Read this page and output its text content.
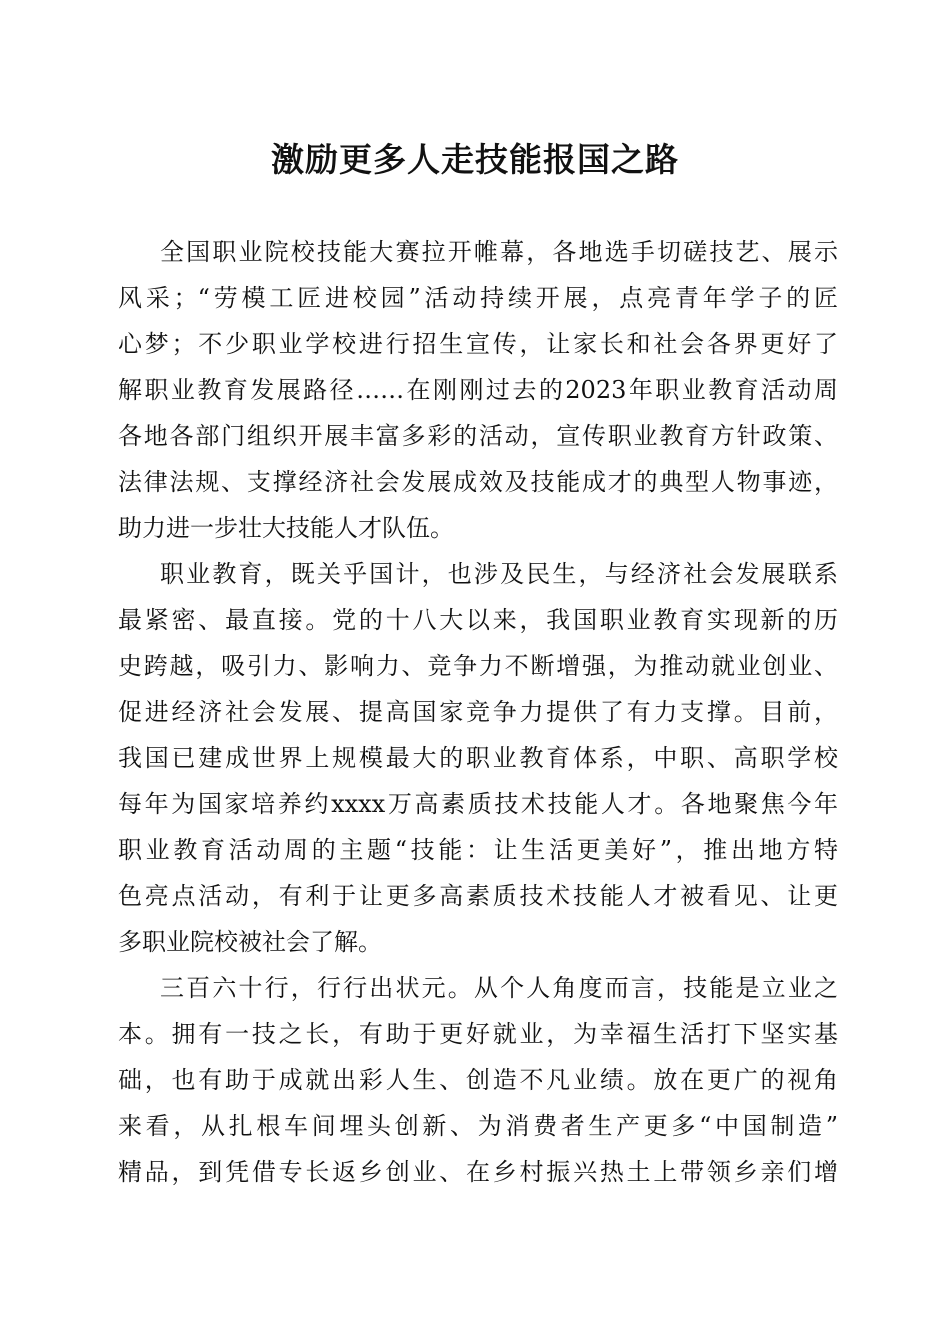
激励更多人走技能报国之路

全国职业院校技能大赛拉开帷幕，各地选手切磋技艺、展示

风采；“劳模工匠进校园”活动持续开展，点亮青年学子的匠

心梦；不少职业学校进行招生宣传，让家长和社会各界更好了

解职业教育发展路径……在刚刚过去的2023年职业教育活动周

各地各部门组织开展丰富多彩的活动，宣传职业教育方针政策、

法律法规、支撑经济社会发展成效及技能成才的典型人物事迹，

助力进一步壮大技能人才队伍。

职业教育，既关乎国计，也涉及民生，与经济社会发展联系

最紧密、最直接。党的十八大以来，我国职业教育实现新的历

史跨越，吸引力、影响力、竞争力不断增强，为推动就业创业、

促进经济社会发展、提高国家竞争力提供了有力支撑。目前，

我国已建成世界上规模最大的职业教育体系，中职、高职学校

每年为国家培养约xxxx万高素质技术技能人才。各地聚焦今年

职业教育活动周的主题“技能：让生活更美好”，推出地方特

色亮点活动，有利于让更多高素质技术技能人才被看见、让更

多职业院校被社会了解。

三百六十行，行行出状元。从个人角度而言，技能是立业之

本。拥有一技之长，有助于更好就业，为幸福生活打下坚实基

础，也有助于成就出彩人生、创造不凡业绩。放在更广的视角

来看，从扎根车间埋头创新、为消费者生产更多“中国制造”

精品，到凭借专长返乡创业、在乡村振兴热土上带领乡亲们增
